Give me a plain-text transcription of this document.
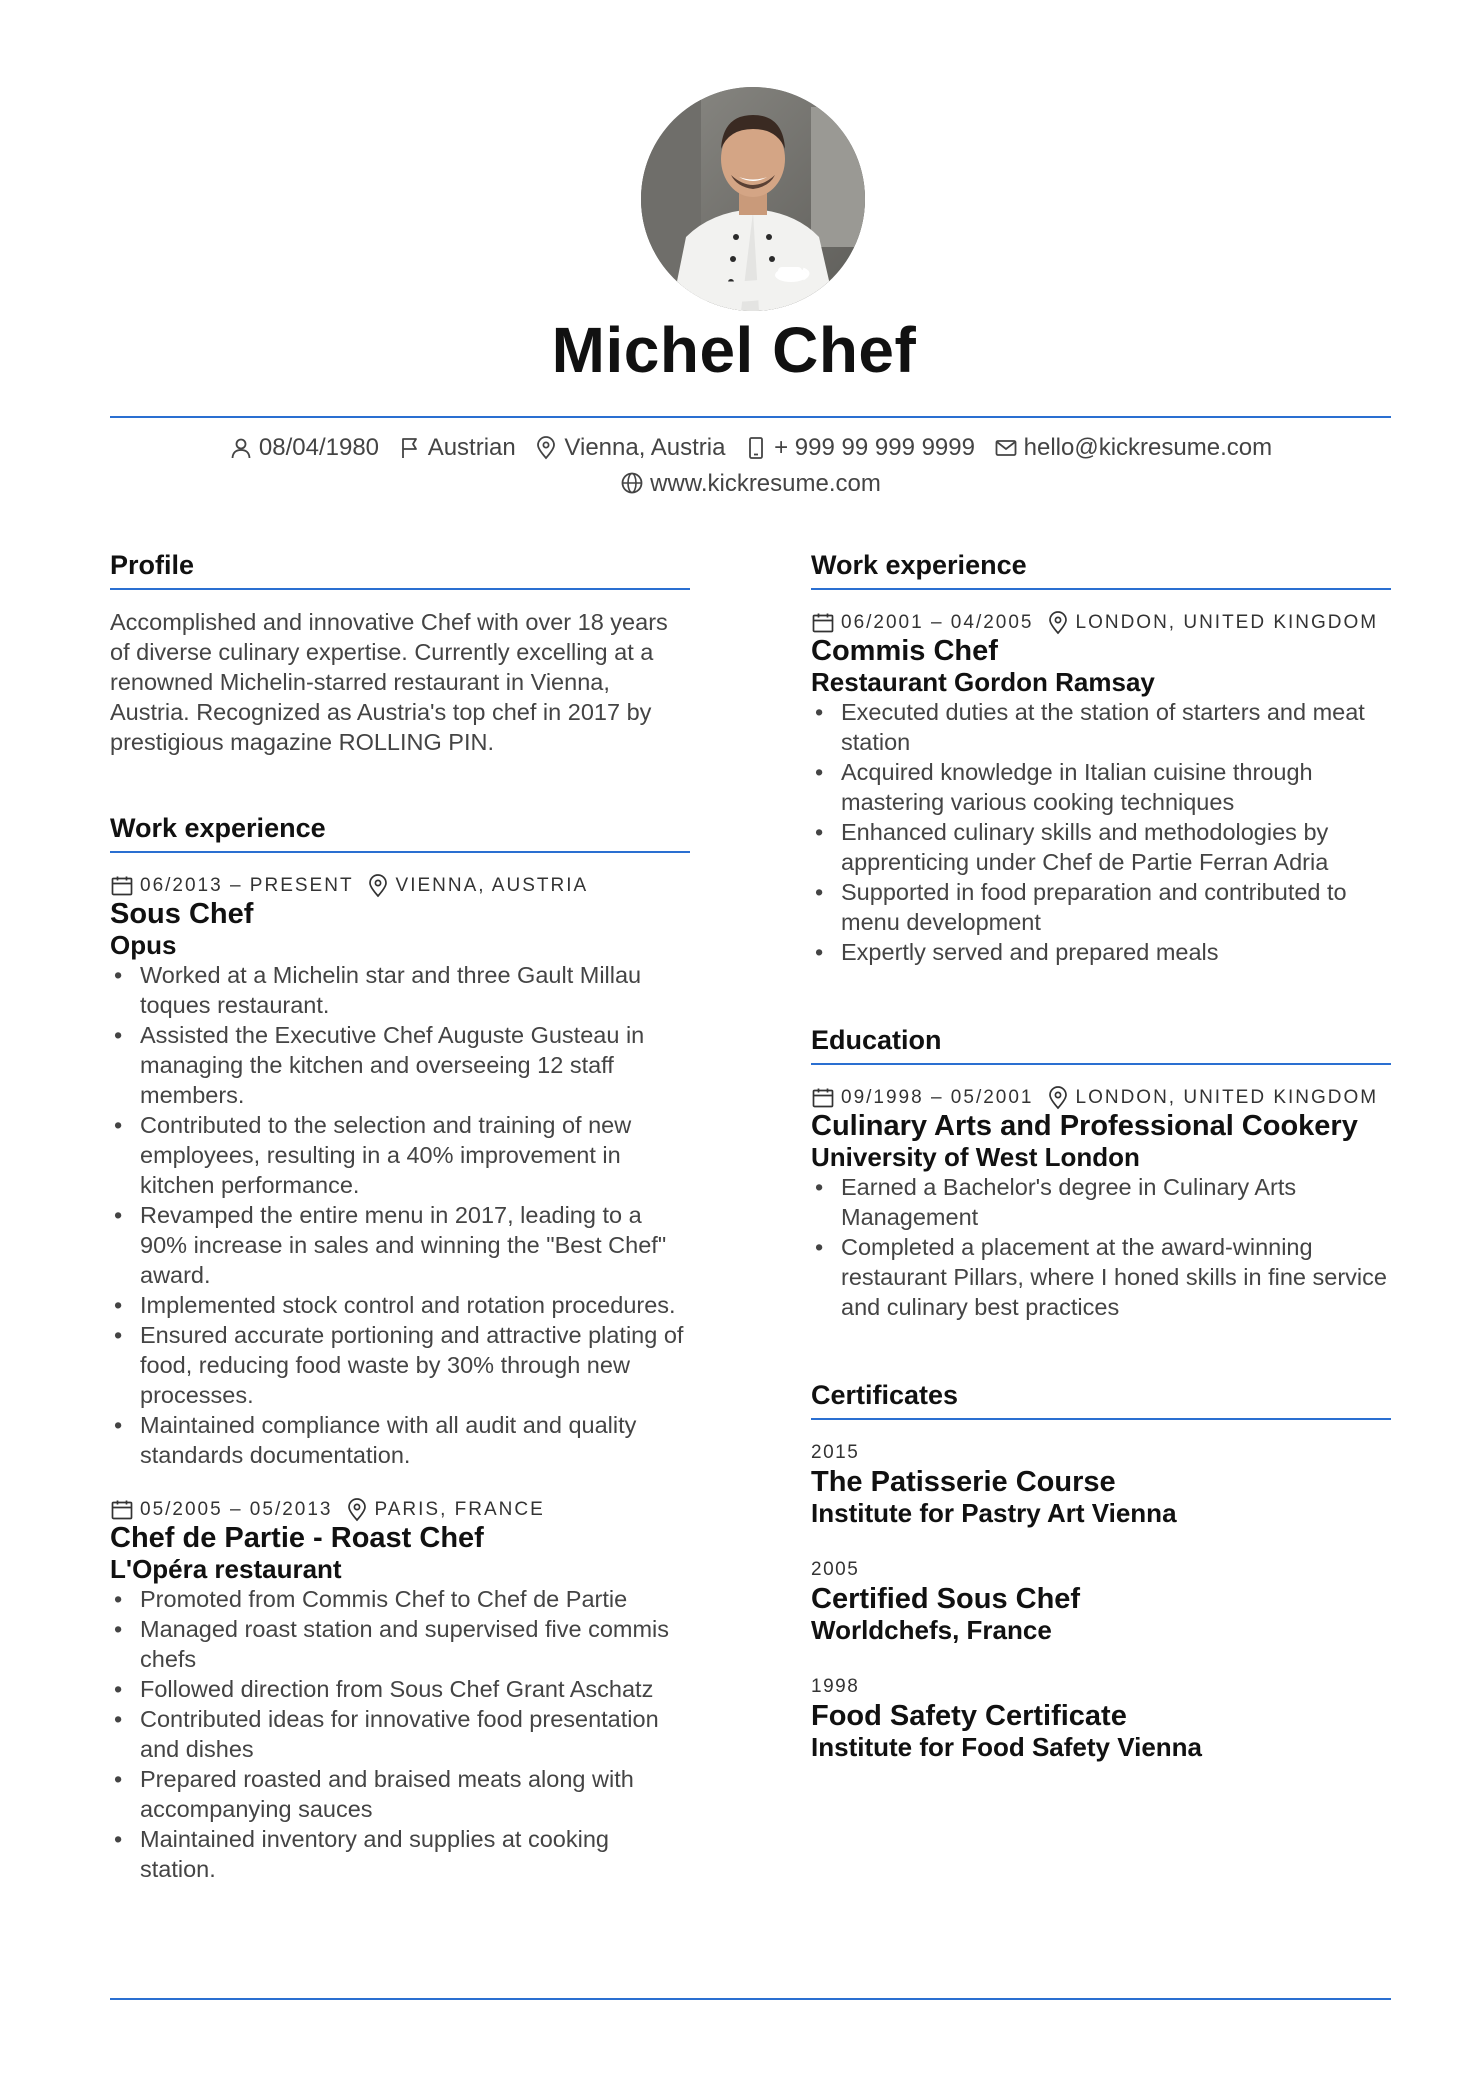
Michel Chef
08/04/1980
Austrian
Vienna, Austria
+ 999 99 999 9999
hello@kickresume.com
www.kickresume.com
Profile

Accomplished and innovative Chef with over 18 years of diverse culinary expertise. Currently excelling at a renowned Michelin-starred restaurant in Vienna, Austria. Recognized as Austria's top chef in 2017 by prestigious magazine ROLLING PIN.

Work experience
06/2013 – PRESENT VIENNA, AUSTRIA
Sous Chef
Opus
• Worked at a Michelin star and three Gault Millau toques restaurant.
• Assisted the Executive Chef Auguste Gusteau in managing the kitchen and overseeing 12 staff members.
• Contributed to the selection and training of new employees, resulting in a 40% improvement in kitchen performance.
• Revamped the entire menu in 2017, leading to a 90% increase in sales and winning the "Best Chef" award.
• Implemented stock control and rotation procedures.
• Ensured accurate portioning and attractive plating of food, reducing food waste by 30% through new processes.
• Maintained compliance with all audit and quality standards documentation.
05/2005 – 05/2013 PARIS, FRANCE
Chef de Partie - Roast Chef
L'Opéra restaurant
• Promoted from Commis Chef to Chef de Partie
• Managed roast station and supervised five commis chefs
• Followed direction from Sous Chef Grant Aschatz
• Contributed ideas for innovative food presentation and dishes
• Prepared roasted and braised meats along with accompanying sauces
• Maintained inventory and supplies at cooking station.
Work experience
06/2001 – 04/2005 LONDON, UNITED KINGDOM
Commis Chef
Restaurant Gordon Ramsay
• Executed duties at the station of starters and meat station
• Acquired knowledge in Italian cuisine through mastering various cooking techniques
• Enhanced culinary skills and methodologies by apprenticing under Chef de Partie Ferran Adria
• Supported in food preparation and contributed to menu development
• Expertly served and prepared meals
Education
09/1998 – 05/2001 LONDON, UNITED KINGDOM
Culinary Arts and Professional Cookery
University of West London
• Earned a Bachelor's degree in Culinary Arts Management
• Completed a placement at the award-winning restaurant Pillars, where I honed skills in fine service and culinary best practices
Certificates
2015
The Patisserie Course
Institute for Pastry Art Vienna
2005
Certified Sous Chef
Worldchefs, France
1998
Food Safety Certificate
Institute for Food Safety Vienna
